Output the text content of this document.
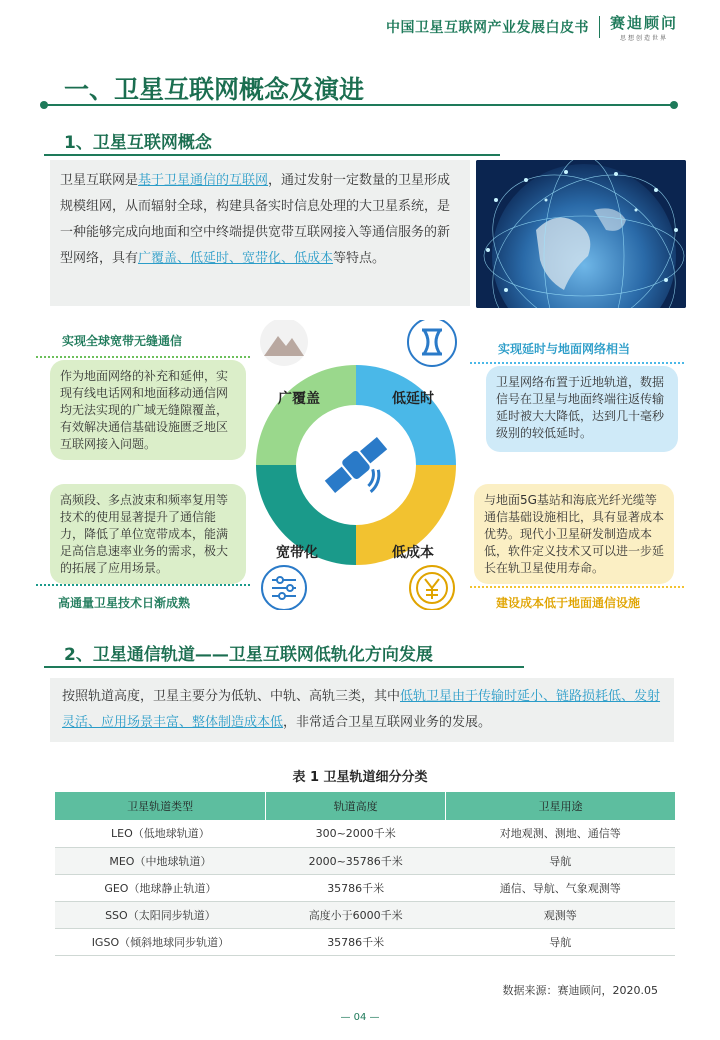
中国卫星互联网产业发展白皮书 赛迪顾问
思想创造世界
一、卫星互联网概念及演进
1、卫星互联网概念
卫星互联网是基于卫星通信的互联网，通过发射一定数量的卫星形成规模组网，从而辐射全球，构建具备实时信息处理的大卫星系统，是一种能够完成向地面和空中终端提供宽带互联网接入等通信服务的新型网络，具有广覆盖、低延时、宽带化、低成本等特点。
实现全球宽带无缝通信
作为地面网络的补充和延伸，实现有线电话网和地面移动通信网均无法实现的广域无缝隙覆盖，有效解决通信基础设施匮乏地区互联网接入问题。
实现延时与地面网络相当
卫星网络布置于近地轨道，数据信号在卫星与地面终端往返传输延时被大大降低，达到几十毫秒级别的较低延时。
高频段、多点波束和频率复用等技术的使用显著提升了通信能力，降低了单位宽带成本，能满足高信息速率业务的需求，极大的拓展了应用场景。
高通量卫星技术日渐成熟
与地面5G基站和海底光纤光缆等通信基础设施相比，具有显著成本优势。现代小卫星研发制造成本低，软件定义技术又可以进一步延长在轨卫星使用寿命。
建设成本低于地面通信设施
广覆盖	低延时
宽带化	低成本
2、卫星通信轨道——卫星互联网低轨化方向发展
按照轨道高度，卫星主要分为低轨、中轨、高轨三类，其中低轨卫星由于传输时延小、链路损耗低、发射灵活、应用场景丰富、整体制造成本低，非常适合卫星互联网业务的发展。
表 1 卫星轨道细分分类
卫星轨道类型	轨道高度	卫星用途
LEO（低地球轨道）	300~2000千米	对地观测、测地、通信等
MEO（中地球轨道）	2000~35786千米	导航
GEO（地球静止轨道）	35786千米	通信、导航、气象观测等
SSO（太阳同步轨道）	高度小于6000千米	观测等
IGSO（倾斜地球同步轨道）	35786千米	导航
数据来源：赛迪顾问，2020.05
— 04 —
